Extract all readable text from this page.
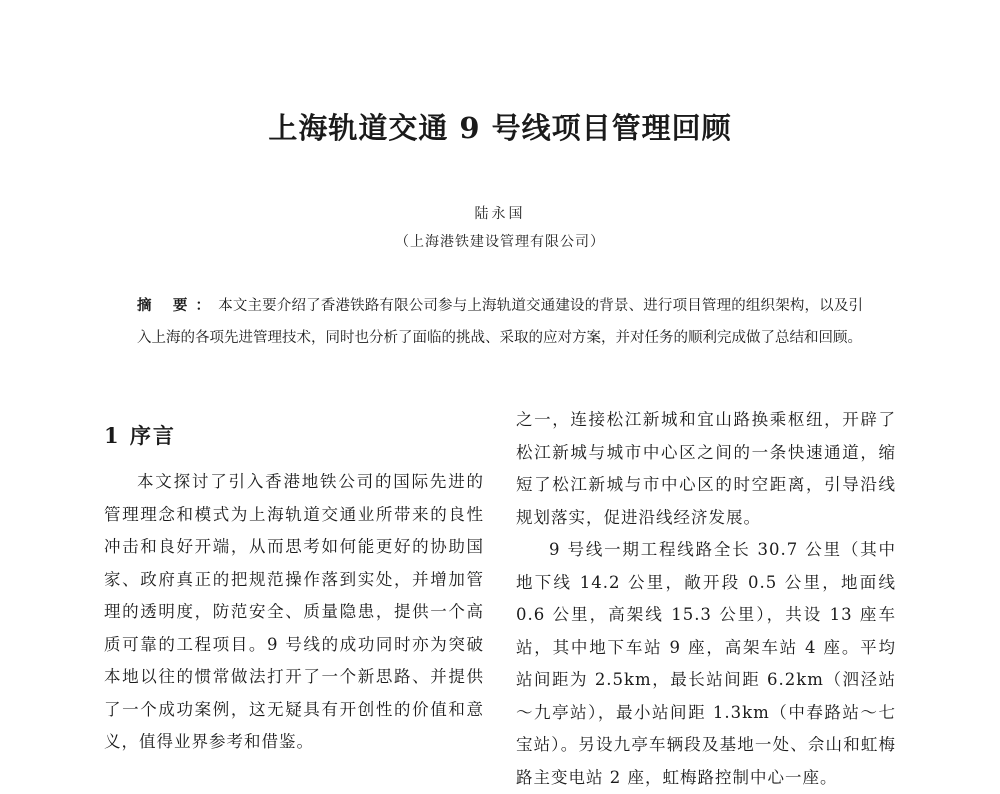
上海轨道交通 9 号线项目管理回顾
陆永国
（上海港铁建设管理有限公司）

摘 要：本文主要介绍了香港铁路有限公司参与上海轨道交通建设的背景、进行项目管理的组织架构，以及引入上海的各项先进管理技术，同时也分析了面临的挑战、采取的应对方案，并对任务的顺利完成做了总结和回顾。

1 序言

本文探讨了引入香港地铁公司的国际先进的管理理念和模式为上海轨道交通业所带来的良性冲击和良好开端，从而思考如何能更好的协助国家、政府真正的把规范操作落到实处，并增加管理的透明度，防范安全、质量隐患，提供一个高质可靠的工程项目。9 号线的成功同时亦为突破本地以往的惯常做法打开了一个新思路、并提供了一个成功案例，这无疑具有开创性的价值和意义，值得业界参考和借鉴。

之一，连接松江新城和宜山路换乘枢纽，开辟了松江新城与城市中心区之间的一条快速通道，缩短了松江新城与市中心区的时空距离，引导沿线规划落实，促进沿线经济发展。

9 号线一期工程线路全长 30.7 公里（其中地下线 14.2 公里，敞开段 0.5 公里，地面线 0.6 公里，高架线 15.3 公里），共设 13 座车站，其中地下车站 9 座，高架车站 4 座。平均站间距为 2.5km，最长站间距 6.2km（泗泾站～九亭站），最小站间距 1.3km（中春路站～七宝站）。另设九亭车辆段及基地一处、佘山和虹梅路主变电站 2 座，虹梅路控制中心一座。
